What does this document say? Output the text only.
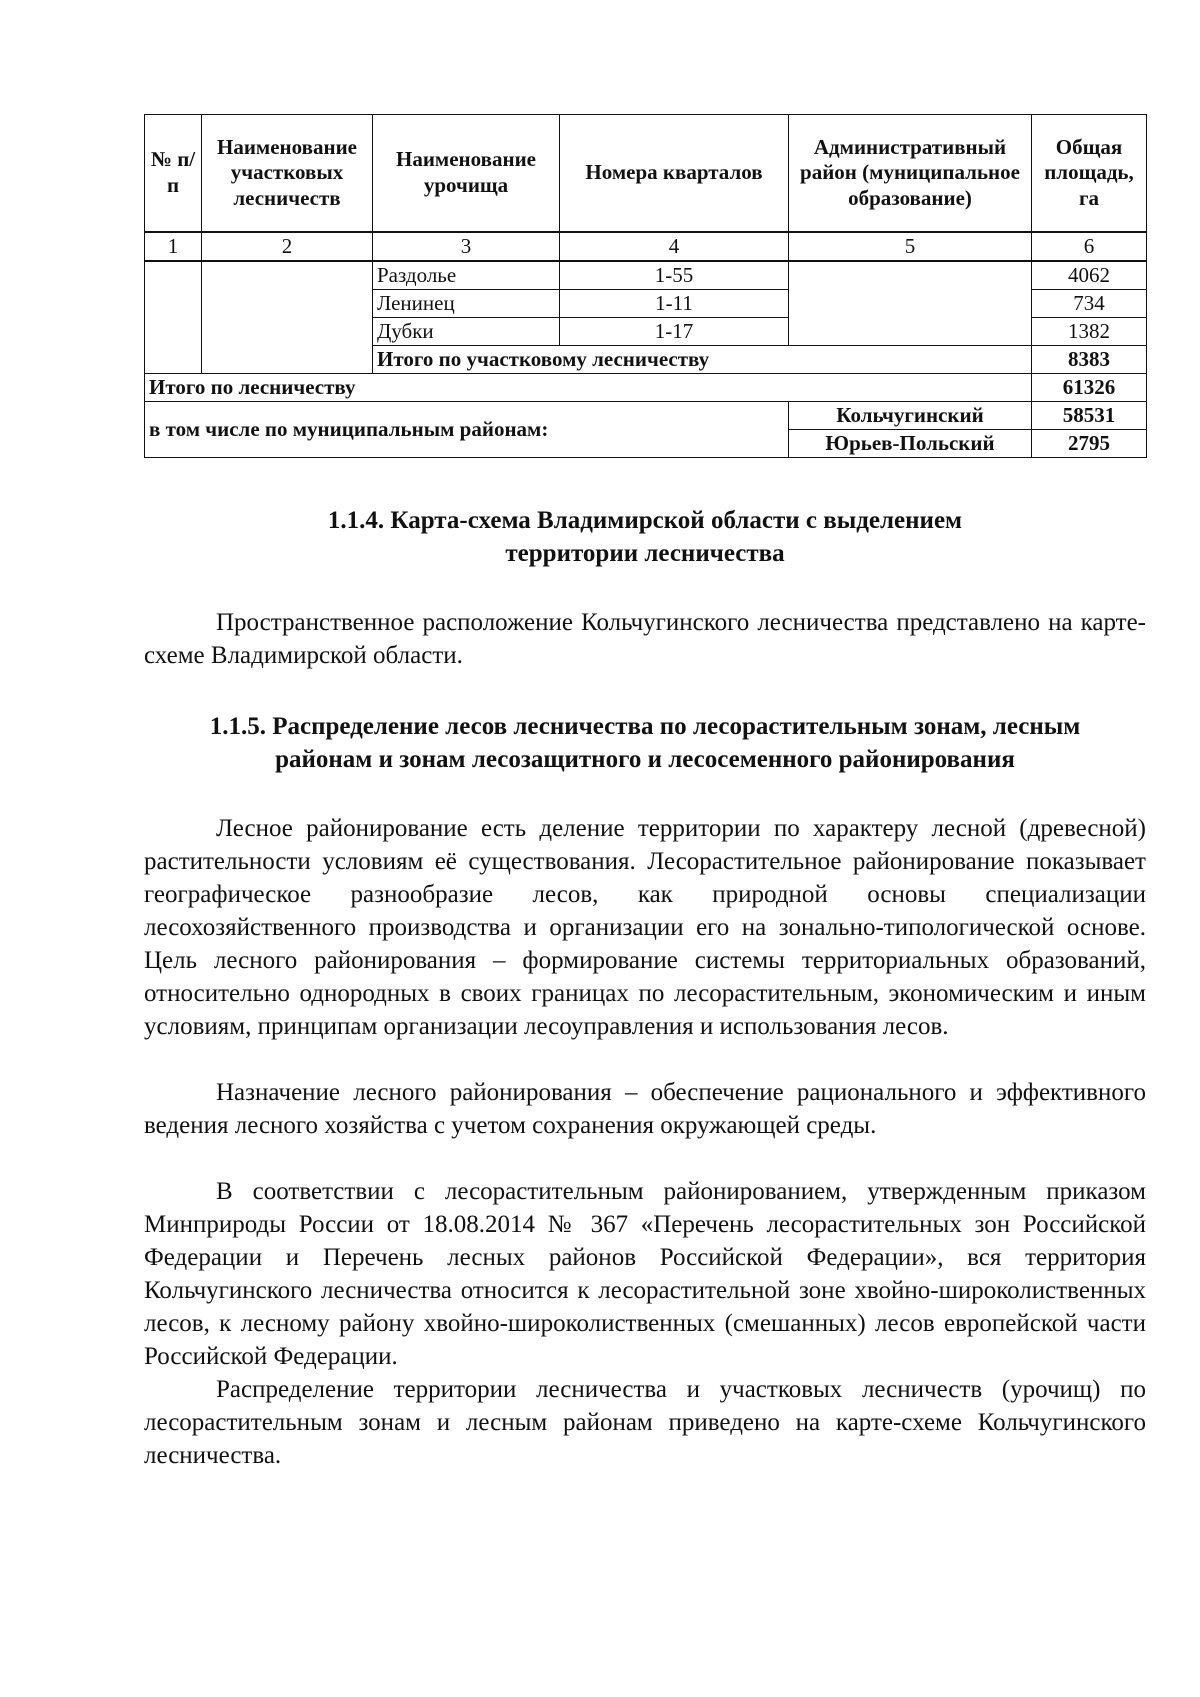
№ п/п	Наименование участковых лесничеств	Наименование урочища	Номера кварталов	Административный район (муниципальное образование)	Общая площадь, га
1	2	3	4	5	6
		Раздолье	1-55		4062
		Ленинец	1-11		734
		Дубки	1-17		1382
		Итого по участковому лесничеству			8383
Итого по лесничеству					61326
в том числе по муниципальным районам:				Кольчугинский	58531
				Юрьев-Польский	2795
1.1.4. Карта-схема Владимирской области с выделением
территории лесничества

Пространственное расположение Кольчугинского лесничества представлено на карте-схеме Владимирской области.

1.1.5. Распределение лесов лесничества по лесорастительным зонам, лесным
районам и зонам лесозащитного и лесосеменного районирования

Лесное районирование есть деление территории по характеру лесной (древесной) растительности условиям её существования. Лесорастительное районирование показывает географическое разнообразие лесов, как природной основы специализации лесохозяйственного производства и организации его на зонально-типологической основе. Цель лесного районирования – формирование системы территориальных образований, относительно однородных в своих границах по лесорастительным, экономическим и иным условиям, принципам организации лесоуправления и использования лесов.

Назначение лесного районирования – обеспечение рационального и эффективного ведения лесного хозяйства с учетом сохранения окружающей среды.

В соответствии с лесорастительным районированием, утвержденным приказом Минприроды России от 18.08.2014 № 367 «Перечень лесорастительных зон Российской Федерации и Перечень лесных районов Российской Федерации», вся территория Кольчугинского лесничества относится к лесорастительной зоне хвойно-широколиственных лесов, к лесному району хвойно-широколиственных (смешанных) лесов европейской части Российской Федерации.

Распределение территории лесничества и участковых лесничеств (урочищ) по лесорастительным зонам и лесным районам приведено на карте-схеме Кольчугинского лесничества.
